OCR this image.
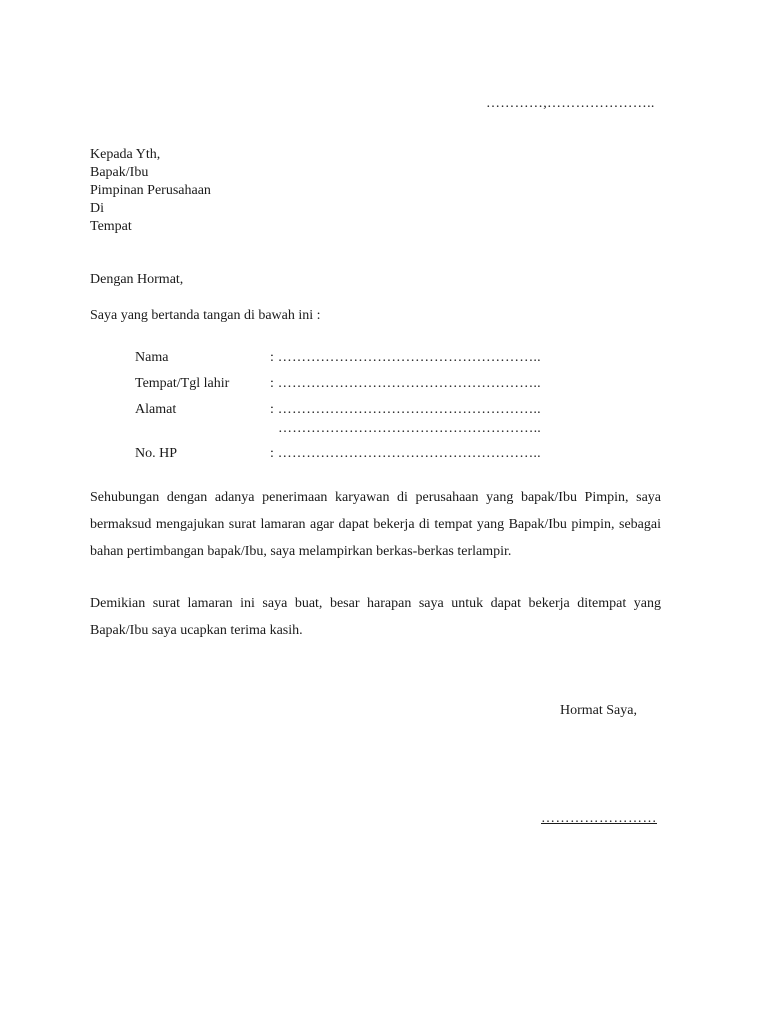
…………,…………………..
Kepada Yth,
Bapak/Ibu
Pimpinan Perusahaan
Di
Tempat
Dengan Hormat,
Saya yang bertanda tangan di bawah ini :
Nama	: ………………………………………………..
Tempat/Tgl lahir	: ………………………………………………..
Alamat	: ………………………………………………..
………………………………………………..
No. HP	: ………………………………………………..
Sehubungan dengan adanya penerimaan karyawan di perusahaan yang bapak/Ibu Pimpin, saya bermaksud mengajukan surat lamaran agar dapat bekerja di tempat yang Bapak/Ibu pimpin, sebagai bahan pertimbangan bapak/Ibu, saya melampirkan berkas-berkas terlampir.
Demikian surat lamaran ini saya buat, besar harapan saya untuk dapat bekerja ditempat yang Bapak/Ibu saya ucapkan terima kasih.
Hormat Saya,
……………………
